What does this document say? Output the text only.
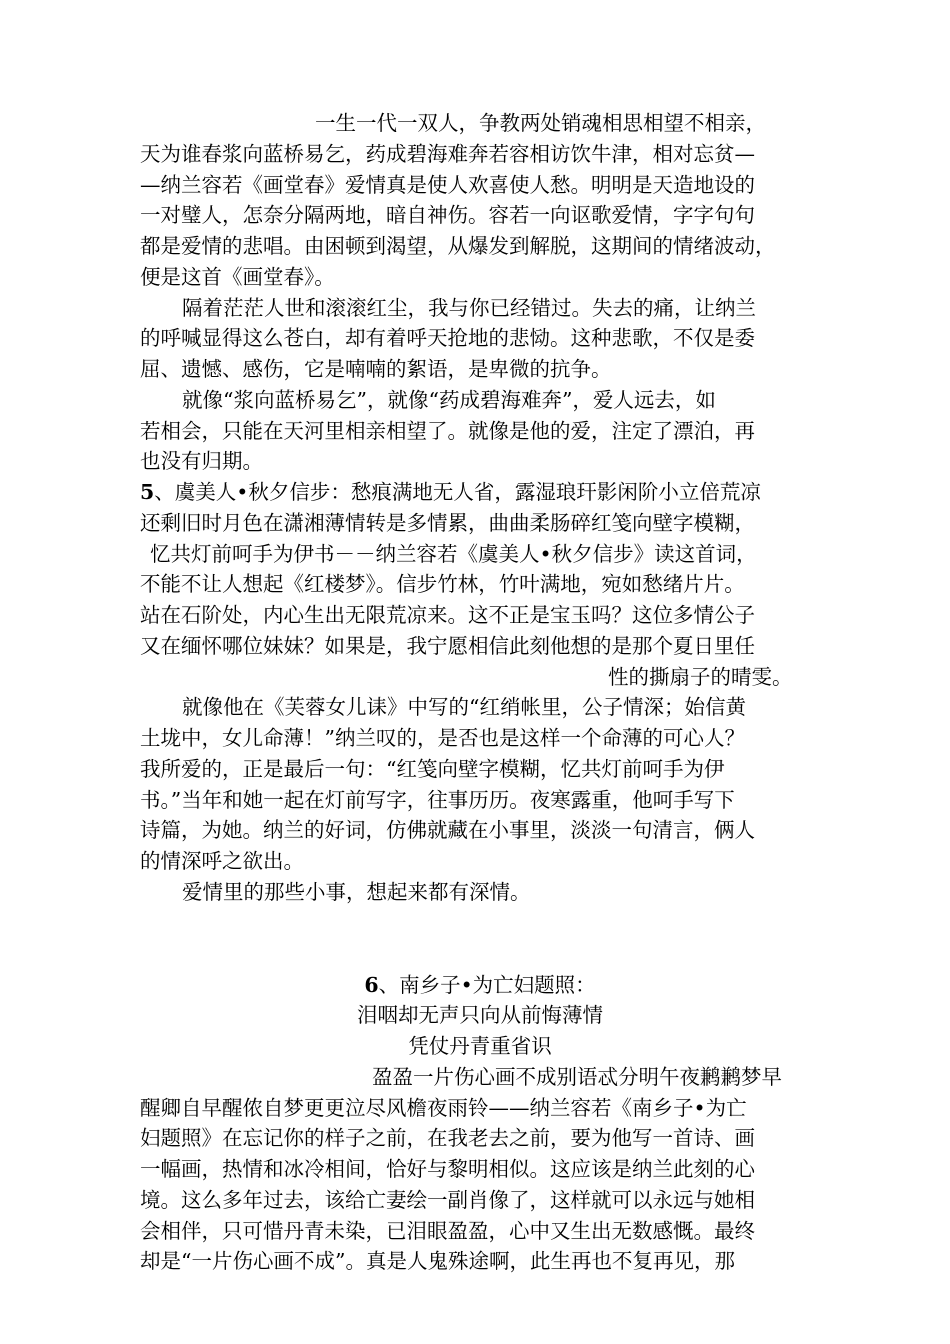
一生一代一双人，争教两处销魂相思相望不相亲，
天为谁春浆向蓝桥易乞，药成碧海难奔若容相访饮牛津，相对忘贫—
—纳兰容若《画堂春》爱情真是使人欢喜使人愁。明明是天造地设的
一对璧人，怎奈分隔两地，暗自神伤。容若一向讴歌爱情，字字句句
都是爱情的悲唱。由困顿到渴望，从爆发到解脱，这期间的情绪波动，
便是这首《画堂春》。
隔着茫茫人世和滚滚红尘，我与你已经错过。失去的痛，让纳兰
的呼喊显得这么苍白，却有着呼天抢地的悲恸。这种悲歌，不仅是委
屈、遗憾、感伤，它是喃喃的絮语，是卑微的抗争。
就像“浆向蓝桥易乞”，就像“药成碧海难奔”，爱人远去，如
若相会，只能在天河里相亲相望了。就像是他的爱，注定了漂泊，再
也没有归期。
5、虞美人•秋夕信步：愁痕满地无人省，露湿琅玕影闲阶小立倍荒凉
还剩旧时月色在潇湘薄情转是多情累，曲曲柔肠碎红笺向壁字模糊，
忆共灯前呵手为伊书－－纳兰容若《虞美人•秋夕信步》读这首词，
不能不让人想起《红楼梦》。信步竹林，竹叶满地，宛如愁绪片片。
站在石阶处，内心生出无限荒凉来。这不正是宝玉吗？这位多情公子
又在缅怀哪位妹妹？如果是，我宁愿相信此刻他想的是那个夏日里任
性的撕扇子的晴雯。
就像他在《芙蓉女儿诔》中写的“红绡帐里，公子情深；始信黄
土垅中，女儿命薄！”纳兰叹的，是否也是这样一个命薄的可心人？
我所爱的，正是最后一句：“红笺向壁字模糊，忆共灯前呵手为伊
书。”当年和她一起在灯前写字，往事历历。夜寒露重，他呵手写下
诗篇，为她。纳兰的好词，仿佛就藏在小事里，淡淡一句清言，俩人
的情深呼之欲出。
爱情里的那些小事，想起来都有深情。
6、南乡子•为亡妇题照：
泪咽却无声只向从前悔薄情
凭仗丹青重省识
盈盈一片伤心画不成别语忒分明午夜鹣鹣梦早
醒卿自早醒侬自梦更更泣尽风檐夜雨铃——纳兰容若《南乡子•为亡
妇题照》在忘记你的样子之前，在我老去之前，要为他写一首诗、画
一幅画，热情和冰冷相间，恰好与黎明相似。这应该是纳兰此刻的心
境。这么多年过去，该给亡妻绘一副肖像了，这样就可以永远与她相
会相伴，只可惜丹青未染，已泪眼盈盈，心中又生出无数感慨。最终
却是“一片伤心画不成”。真是人鬼殊途啊，此生再也不复再见，那
